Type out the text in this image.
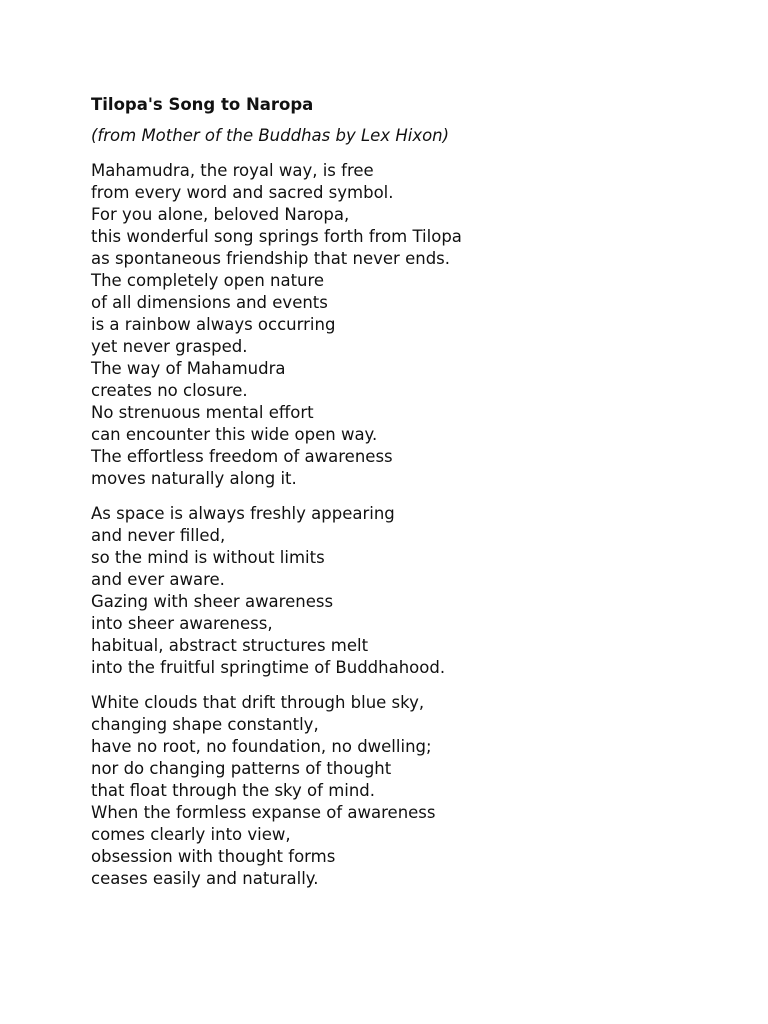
Tilopa's Song to Naropa
(from Mother of the Buddhas by Lex Hixon)
Mahamudra, the royal way, is free
from every word and sacred symbol.
For you alone, beloved Naropa,
this wonderful song springs forth from Tilopa
as spontaneous friendship that never ends.
The completely open nature
of all dimensions and events
is a rainbow always occurring
yet never grasped.
The way of Mahamudra
creates no closure.
No strenuous mental effort
can encounter this wide open way.
The effortless freedom of awareness
moves naturally along it.
As space is always freshly appearing
and never filled,
so the mind is without limits
and ever aware.
Gazing with sheer awareness
into sheer awareness,
habitual, abstract structures melt
into the fruitful springtime of Buddhahood.
White clouds that drift through blue sky,
changing shape constantly,
have no root, no foundation, no dwelling;
nor do changing patterns of thought
that float through the sky of mind.
When the formless expanse of awareness
comes clearly into view,
obsession with thought forms
ceases easily and naturally.
